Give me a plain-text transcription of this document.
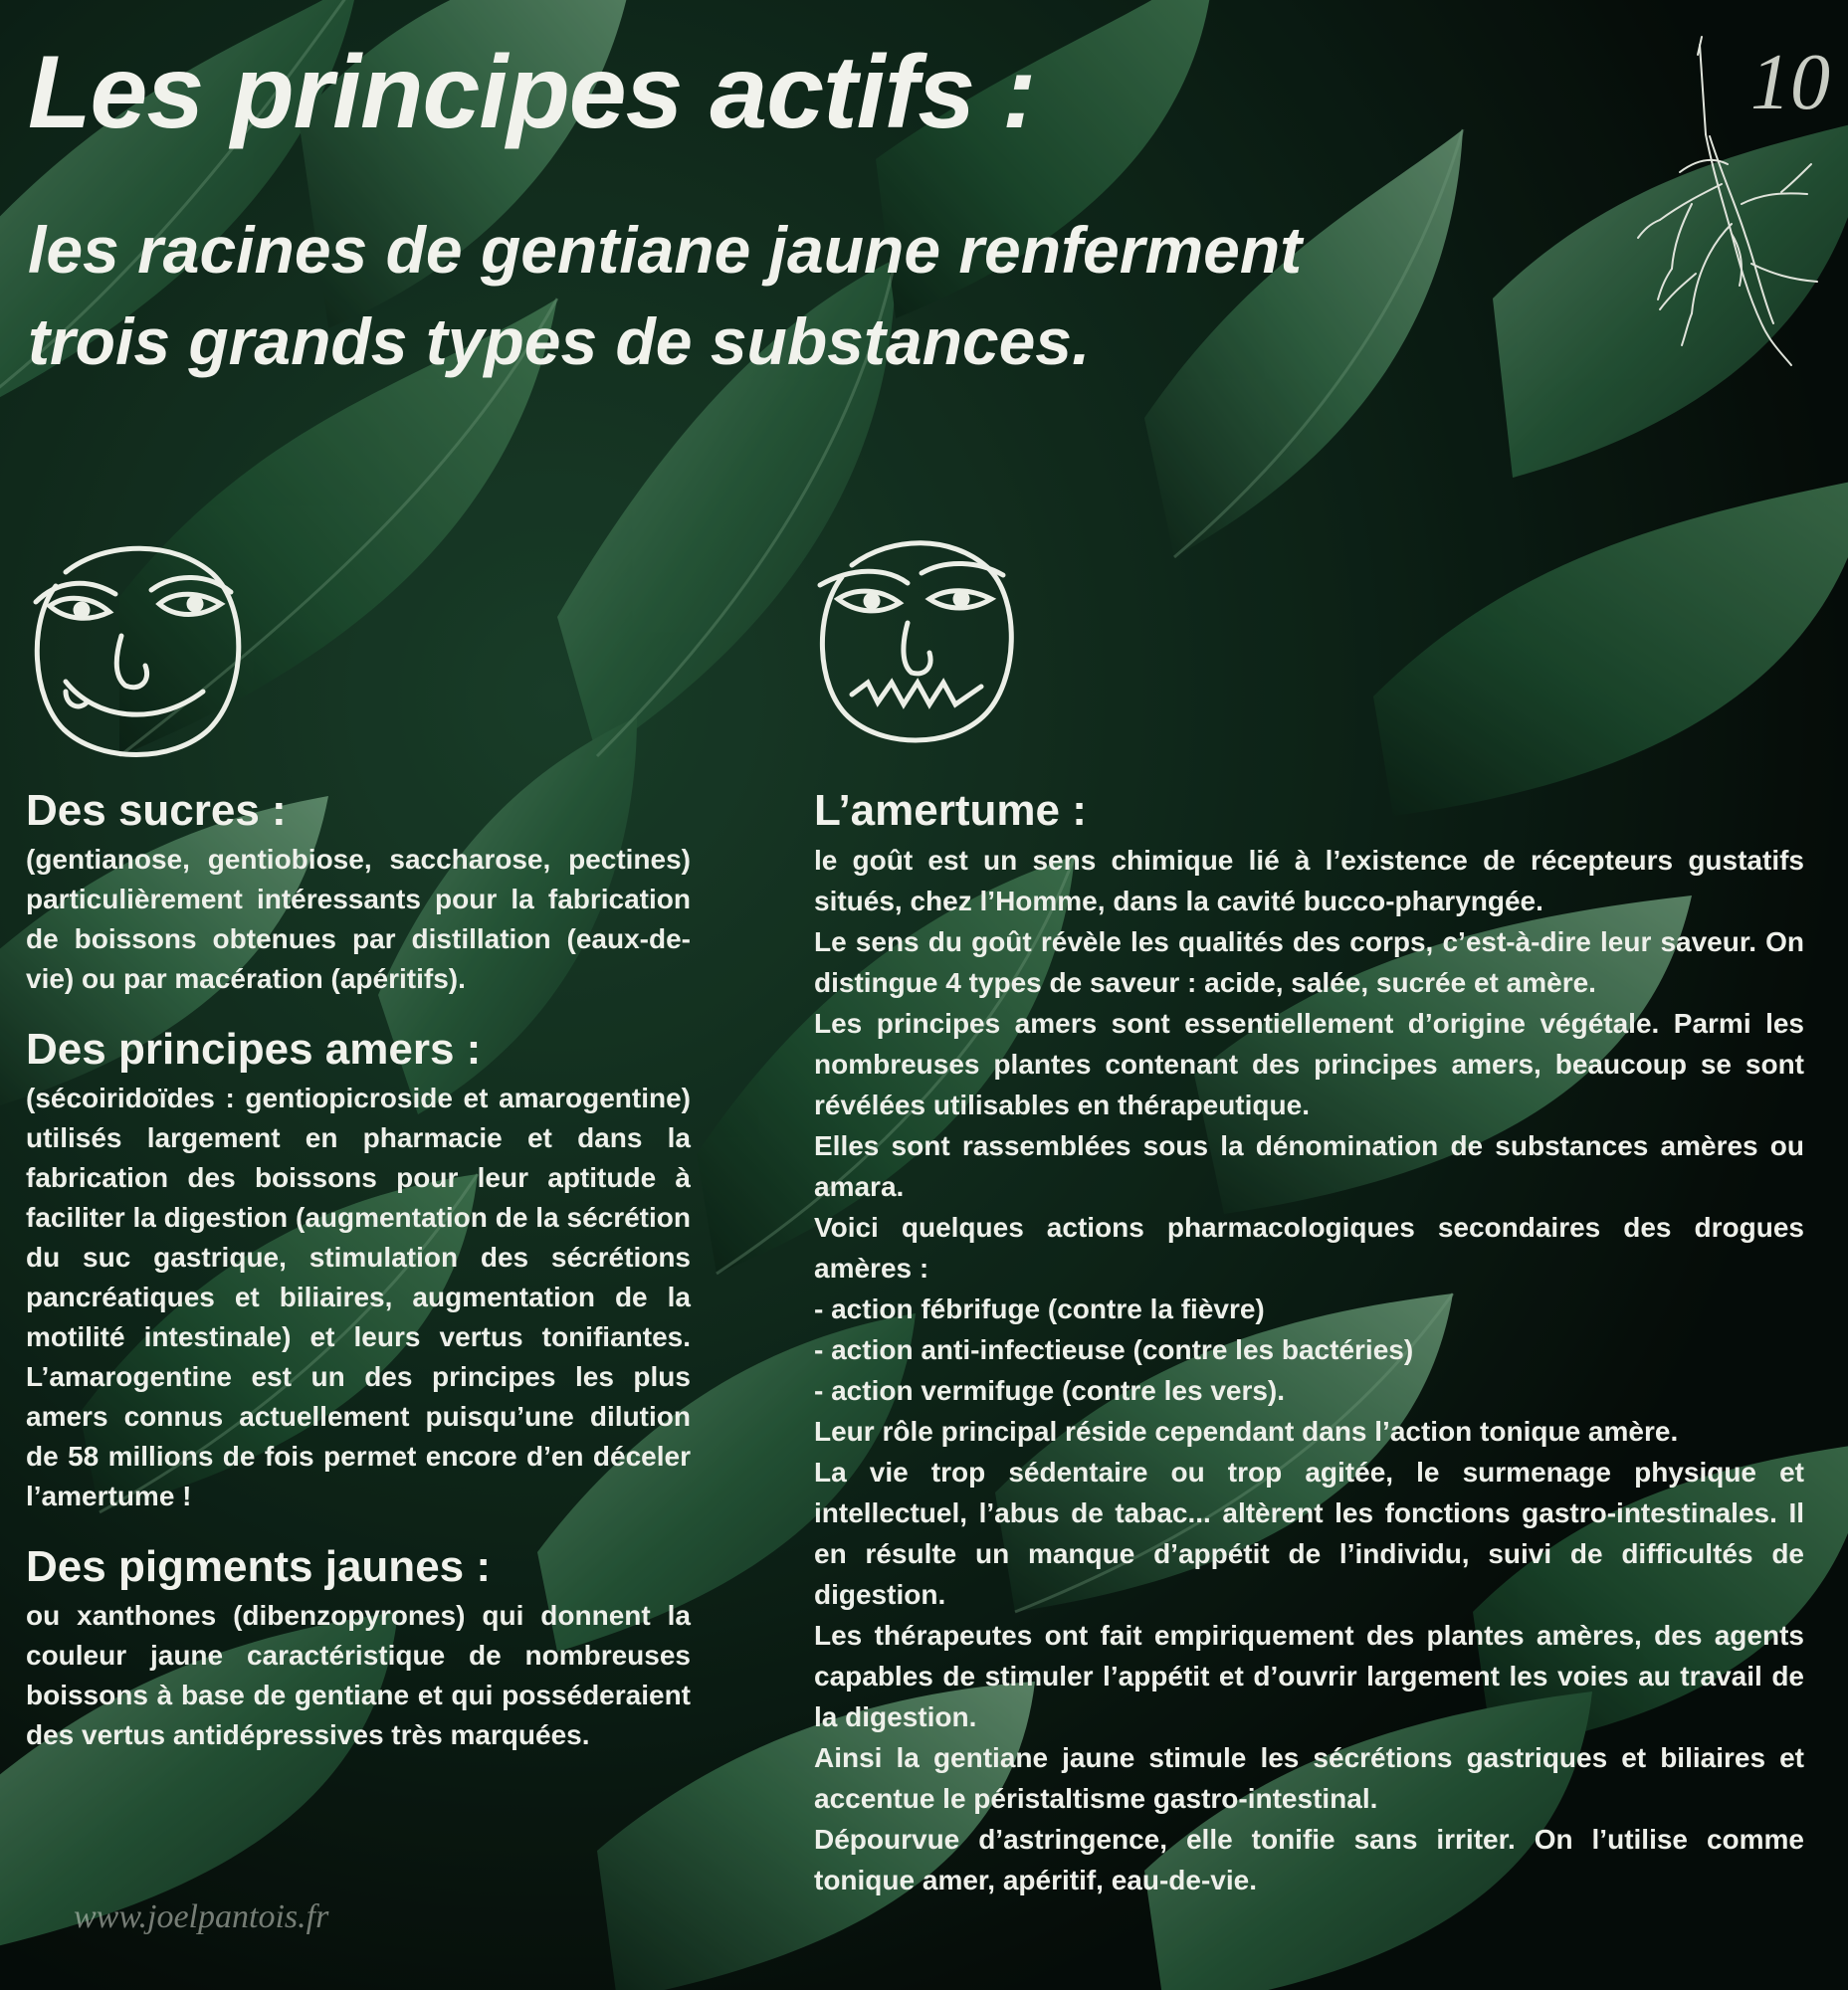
Les principes actifs :
les racines de gentiane jaune renferment trois grands types de substances.
10
Des sucres :

(gentianose, gentiobiose, saccharose, pectines) particulièrement intéressants pour la fabrication de boissons obtenues par distillation (eaux-de-vie) ou par macération (apéritifs).

Des principes amers :

(sécoiridoïdes : gentiopicroside et amarogentine) utilisés largement en pharmacie et dans la fabrication des boissons pour leur aptitude à faciliter la digestion (augmentation de la sécrétion du suc gastrique, stimulation des sécrétions pancréatiques et biliaires, augmentation de la motilité intestinale) et leurs vertus tonifiantes. L’amarogentine est un des principes les plus amers connus actuellement puisqu’une dilution de 58 millions de fois permet encore d’en déceler l’amertume !

Des pigments jaunes :

ou xanthones (dibenzopyrones) qui donnent la couleur jaune caractéristique de nombreuses boissons à base de gentiane et qui posséderaient des vertus antidépressives très marquées.

L’amertume :

le goût est un sens chimique lié à l’existence de récepteurs gustatifs situés, chez l’Homme, dans la cavité bucco-pharyngée.

Le sens du goût révèle les qualités des corps, c’est-à-dire leur saveur. On distingue 4 types de saveur : acide, salée, sucrée et amère.

Les principes amers sont essentiellement d’origine végétale. Parmi les nombreuses plantes contenant des principes amers, beaucoup se sont révélées utilisables en thérapeutique.

Elles sont rassemblées sous la dénomination de substances amères ou amara.

Voici quelques actions pharmacologiques secondaires des drogues amères :

- action fébrifuge (contre la fièvre)

- action anti-infectieuse (contre les bactéries)

- action vermifuge (contre les vers).

Leur rôle principal réside cependant dans l’action tonique amère.

La vie trop sédentaire ou trop agitée, le surmenage physique et intellectuel, l’abus de tabac... altèrent les fonctions gastro-intestinales. Il en résulte un manque d’appétit de l’individu, suivi de difficultés de digestion.

Les thérapeutes ont fait empiriquement des plantes amères, des agents capables de stimuler l’appétit et d’ouvrir largement les voies au travail de la digestion.

Ainsi la gentiane jaune stimule les sécrétions gastriques et biliaires et accentue le péristaltisme gastro-intestinal.

Dépourvue d’astringence, elle tonifie sans irriter. On l’utilise comme tonique amer, apéritif, eau-de-vie.

www.joelpantois.fr
